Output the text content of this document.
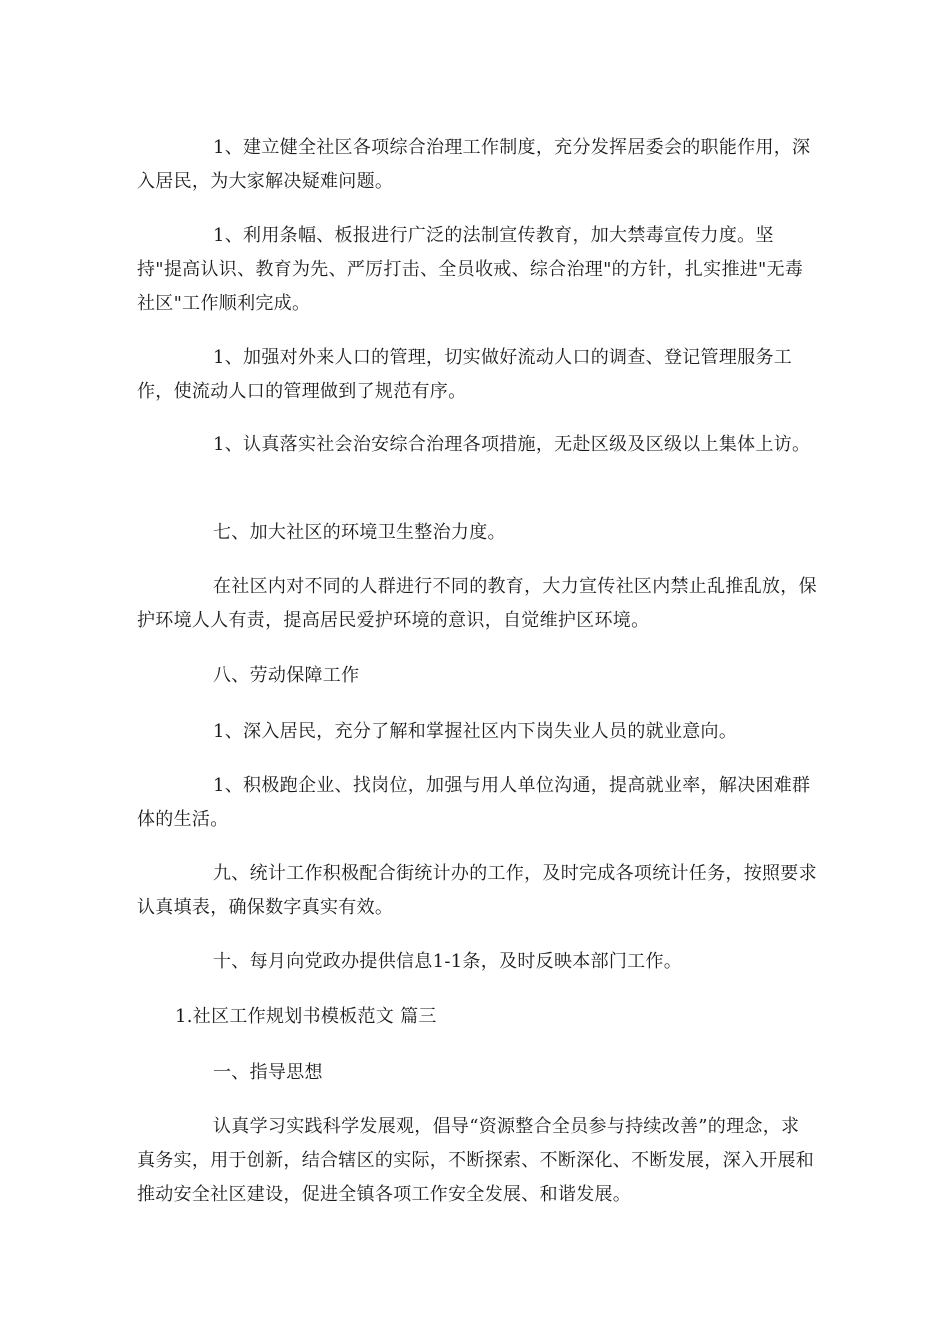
1、建立健全社区各项综合治理工作制度，充分发挥居委会的职能作用，深入居民，为大家解决疑难问题。

1、利用条幅、板报进行广泛的法制宣传教育，加大禁毒宣传力度。坚持"提高认识、教育为先、严厉打击、全员收戒、综合治理"的方针，扎实推进"无毒社区"工作顺利完成。

1、加强对外来人口的管理，切实做好流动人口的调查、登记管理服务工作，使流动人口的管理做到了规范有序。

1、认真落实社会治安综合治理各项措施，无赴区级及区级以上集体上访。

七、加大社区的环境卫生整治力度。

在社区内对不同的人群进行不同的教育，大力宣传社区内禁止乱推乱放，保护环境人人有责，提高居民爱护环境的意识，自觉维护区环境。

八、劳动保障工作

1、深入居民，充分了解和掌握社区内下岗失业人员的就业意向。

1、积极跑企业、找岗位，加强与用人单位沟通，提高就业率，解决困难群体的生活。

九、统计工作积极配合街统计办的工作，及时完成各项统计任务，按照要求认真填表，确保数字真实有效。

十、每月向党政办提供信息1-1条，及时反映本部门工作。

1.社区工作规划书模板范文 篇三

一、指导思想

认真学习实践科学发展观，倡导“资源整合全员参与持续改善”的理念，求真务实，用于创新，结合辖区的实际，不断探索、不断深化、不断发展，深入开展和推动安全社区建设，促进全镇各项工作安全发展、和谐发展。
